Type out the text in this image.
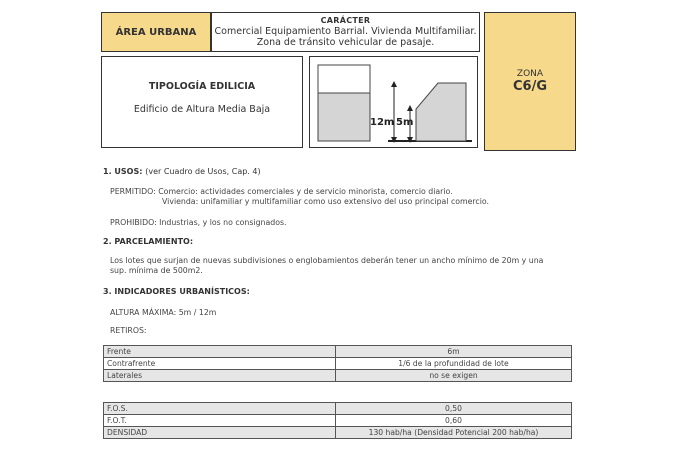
ÁREA URBANA
CARÁCTER
Comercial Equipamiento Barrial. Vivienda Multifamiliar.
Zona de tránsito vehicular de pasaje.
ZONA
C6/G
TIPOLOGÍA EDILICIA
Edificio de Altura Media Baja
12m 5m
1. USOS: (ver Cuadro de Usos, Cap. 4)
PERMITIDO: Comercio: actividades comerciales y de servicio minorista, comercio diario.
Vivienda: unifamiliar y multifamiliar como uso extensivo del uso principal comercio.
PROHIBIDO: Industrias, y los no consignados.
2. PARCELAMIENTO:
Los lotes que surjan de nuevas subdivisiones o englobamientos deberán tener un ancho mínimo de 20m y una
sup. mínima de 500m2.
3. INDICADORES URBANÍSTICOS:
ALTURA MÁXIMA: 5m / 12m
RETIROS:
Frente	6m
Contrafrente	1/6 de la profundidad de lote
Laterales	no se exigen
F.O.S.	0,50
F.O.T.	0,60
DENSIDAD	130 hab/ha (Densidad Potencial 200 hab/ha)
